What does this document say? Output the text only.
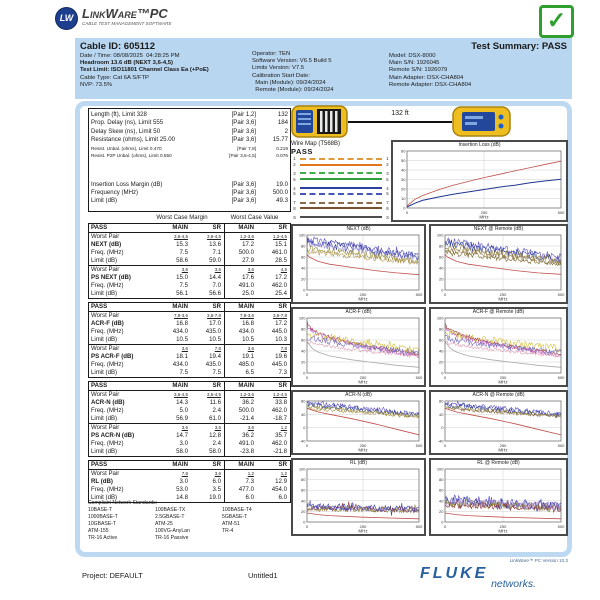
LW LinkWare™PC
CABLE TEST MANAGEMENT SOFTWARE	✓
Cable ID: 605112
Date / Time: 08/08/2025  04:28:25 PM
Headroom 13.6 dB (NEXT 3,6-4,5)
Test Limit: ISO11801 Channel Class Ea (+PoE)
Cable Type: Cat 6A S/FTP
NVP: 73.5%
Operator: TEN
Software Version: V6.5 Build 5
Limits Version: V7.5
Calibration Start Date:
Main (Module): 09/24/2024
Remote (Module): 09/24/2024
Test Summary: PASS
Model: DSX-8000
Main S/N: 1926045
Remote S/N: 1926079
Main Adapter: DSX-CHA804
Remote Adapter: DSX-CHA804
Length (ft), Limit 328	[Pair 1,2]	132
Prop. Delay (ns), Limit 555	[Pair 3,6]	184
Delay Skew (ns), Limit 50	[Pair 3,6]	2
Resistance (ohms), Limit 25.00	[Pair 3,6]	15.77
Resist. Unbal. (ohms), Limit 0.470	[Pair 7,8]	0.219
Resist. P2P Unbal. (ohms), Limit 0.550	[Pair 3,6-4,5]	0.076
Insertion Loss Margin (dB)	[Pair 3,6]	19.0
Frequency (MHz)	[Pair 3,6]	500.0
Limit (dB)	[Pair 3,6]	49.3
Worst Case Margin	Worst Case Value
PASS	MAIN	SR	MAIN	SR
Worst Pair	3,6-4,5	3,6-4,5	1,2-3,6	1,2-4,5
NEXT (dB)	15.3	13.6	17.2	15.1
Freq. (MHz)	7.5	7.1	500.0	461.0
Limit (dB)	58.6	59.0	27.9	28.5
Worst Pair	3,6	3,6	3,6	4,5
PS NEXT (dB)	15.0	14.4	17.6	17.2
Freq. (MHz)	7.5	7.0	491.0	462.0
Limit (dB)	56.1	56.6	25.0	25.4
PASS	MAIN	SR	MAIN	SR
Worst Pair	7,8-3,6	3,6-7,8	7,8-3,6	3,6-7,8
ACR-F (dB)	16.8	17.0	16.8	17.2
Freq. (MHz)	434.0	435.0	434.0	445.0
Limit (dB)	10.5	10.5	10.5	10.3
Worst Pair	3,6	7,8	3,6	7,8
PS ACR-F (dB)	18.1	19.4	19.1	19.6
Freq. (MHz)	434.0	435.0	485.0	445.0
Limit (dB)	7.5	7.5	6.5	7.3
PASS	MAIN	SR	MAIN	SR
Worst Pair	3,6-4,5	3,6-4,5	1,2-3,6	1,2-4,5
ACR-N (dB)	14.3	11.6	36.2	33.8
Freq. (MHz)	5.0	2.4	500.0	462.0
Limit (dB)	56.9	61.0	-21.4	-18.7
Worst Pair	3,6	3,6	3,6	1,2
PS ACR-N (dB)	14.7	12.8	36.2	35.7
Freq. (MHz)	3.0	2.4	491.0	462.0
Limit (dB)	58.0	58.0	-23.8	-21.8
PASS	MAIN	SR	MAIN	SR
Worst Pair	7,8	3,6	1,2	1,2
RL (dB)	3.0	6.0	7.3	12.9
Freq. (MHz)	53.0	3.5	477.0	454.0
Limit (dB)	14.8	19.0	6.0	6.0
Compliant Network Standards:
10BASE-T	100BASE-TX	100BASE-T4
1000BASE-T	2.5GBASE-T	5GBASE-T
10GBASE-T	ATM-25	ATM-51
ATM-155	100VG-AnyLan	TR-4
TR-16 Active	TR-16 Passive
132 ft
Wire Map (T568B)
PASS
1	1
2	2
3	3
6	6
4	4
5	5
7	7
8	8
S	S
Insertion Loss (dB)
0
10
20
30
40
50
60
0	250	500
MHz
NEXT (dB)
0
20
40
60
80
100
0	250	500
MHz
NEXT @ Remote (dB)
0
20
40
60
80
100
0	250	500
MHz
ACR-F (dB)
0
20
40
60
80
100
0	250	500
MHz
ACR-F @ Remote (dB)
0
20
40
60
80
100
0	250	500
MHz
ACR-N (dB)
-40
0
40
80
0	250	500
MHz
ACR-N @ Remote (dB)
-40
0
40
80
0	250	500
MHz
RL (dB)
0
20
40
60
80
100
0	250	500
MHz
RL @ Remote (dB)
0
20
40
60
80
100
0	250	500
MHz
LinkWare™ PC Version 10.3
Project: DEFAULT	Untitled1	FLUKE
networks.
